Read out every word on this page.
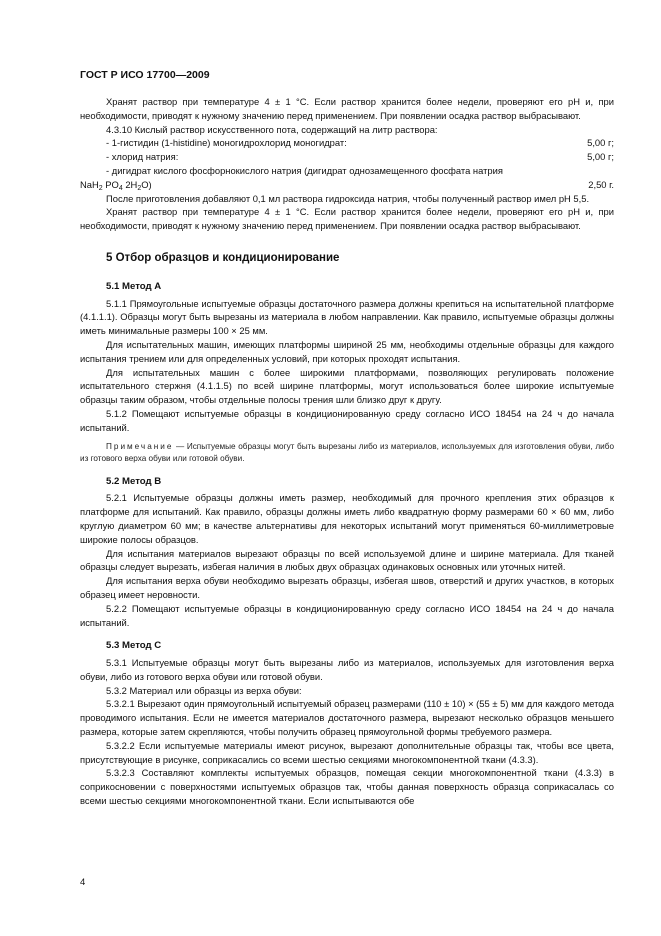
ГОСТ Р ИСО 17700—2009

Хранят раствор при температуре 4 ± 1 °С. Если раствор хранится более недели, проверяют его рН и, при необходимости, приводят к нужному значению перед применением. При появлении осадка раствор выбрасывают.

4.3.10 Кислый раствор искусственного пота, содержащий на литр раствора:

- 1-гистидин (1-histidine) моногидрохлорид моногидрат:	5,00 г;
- хлорид натрия:	5,00 г;

- дигидрат кислого фосфорнокислого натрия (дигидрат однозамещенного фосфата натрия

NaH$_2$ $PO_4$ $2H_2O$)	2,50 г.

После приготовления добавляют 0,1 мл раствора гидроксида натрия, чтобы полученный раствор имел рН 5,5.

Хранят раствор при температуре 4 ± 1 °С. Если раствор хранится более недели, проверяют его рН и, при необходимости, приводят к нужному значению перед применением. При появлении осадка раствор выбрасывают.

5 Отбор образцов и кондиционирование
5.1 Метод А

5.1.1 Прямоугольные испытуемые образцы достаточного размера должны крепиться на испытательной платформе (4.1.1.1). Образцы могут быть вырезаны из материала в любом направлении. Как правило, испытуемые образцы должны иметь минимальные размеры 100 × 25 мм.

Для испытательных машин, имеющих платформы шириной 25 мм, необходимы отдельные образцы для каждого испытания трением или для определенных условий, при которых проходят испытания.

Для испытательных машин с более широкими платформами, позволяющих регулировать положение испытательного стержня (4.1.1.5) по всей ширине платформы, могут использоваться более широкие испытуемые образцы таким образом, чтобы отдельные полосы трения шли близко друг к другу.

5.1.2 Помещают испытуемые образцы в кондиционированную среду согласно ИСО 18454 на 24 ч до начала испытаний.

Примечание — Испытуемые образцы могут быть вырезаны либо из материалов, используемых для изготовления обуви, либо из готового верха обуви или готовой обуви.

5.2 Метод В

5.2.1 Испытуемые образцы должны иметь размер, необходимый для прочного крепления этих образцов к платформе для испытаний. Как правило, образцы должны иметь либо квадратную форму размерами 60 × 60 мм, либо круглую диаметром 60 мм; в качестве альтернативы для некоторых испытаний могут применяться 60-миллиметровые широкие полосы образцов.

Для испытания материалов вырезают образцы по всей используемой длине и ширине материала. Для тканей образцы следует вырезать, избегая наличия в любых двух образцах одинаковых основных или уточных нитей.

Для испытания верха обуви необходимо вырезать образцы, избегая швов, отверстий и других участков, в которых образец имеет неровности.

5.2.2 Помещают испытуемые образцы в кондиционированную среду согласно ИСО 18454 на 24 ч до начала испытаний.

5.3 Метод С

5.3.1 Испытуемые образцы могут быть вырезаны либо из материалов, используемых для изготовления верха обуви, либо из готового верха обуви или готовой обуви.

5.3.2 Материал или образцы из верха обуви:

5.3.2.1 Вырезают один прямоугольный испытуемый образец размерами (110 ± 10) × (55 ± 5) мм для каждого метода проводимого испытания. Если не имеется материалов достаточного размера, вырезают несколько образцов меньшего размера, которые затем скрепляются, чтобы получить образец прямоугольной формы требуемого размера.

5.3.2.2 Если испытуемые материалы имеют рисунок, вырезают дополнительные образцы так, чтобы все цвета, присутствующие в рисунке, соприкасались со всеми шестью секциями многокомпонентной ткани (4.3.3).

5.3.2.3 Составляют комплекты испытуемых образцов, помещая секции многокомпонентной ткани (4.3.3) в соприкосновении с поверхностями испытуемых образцов так, чтобы данная поверхность образца соприкасалась со всеми шестью секциями многокомпонентной ткани. Если испытываются обе

4
